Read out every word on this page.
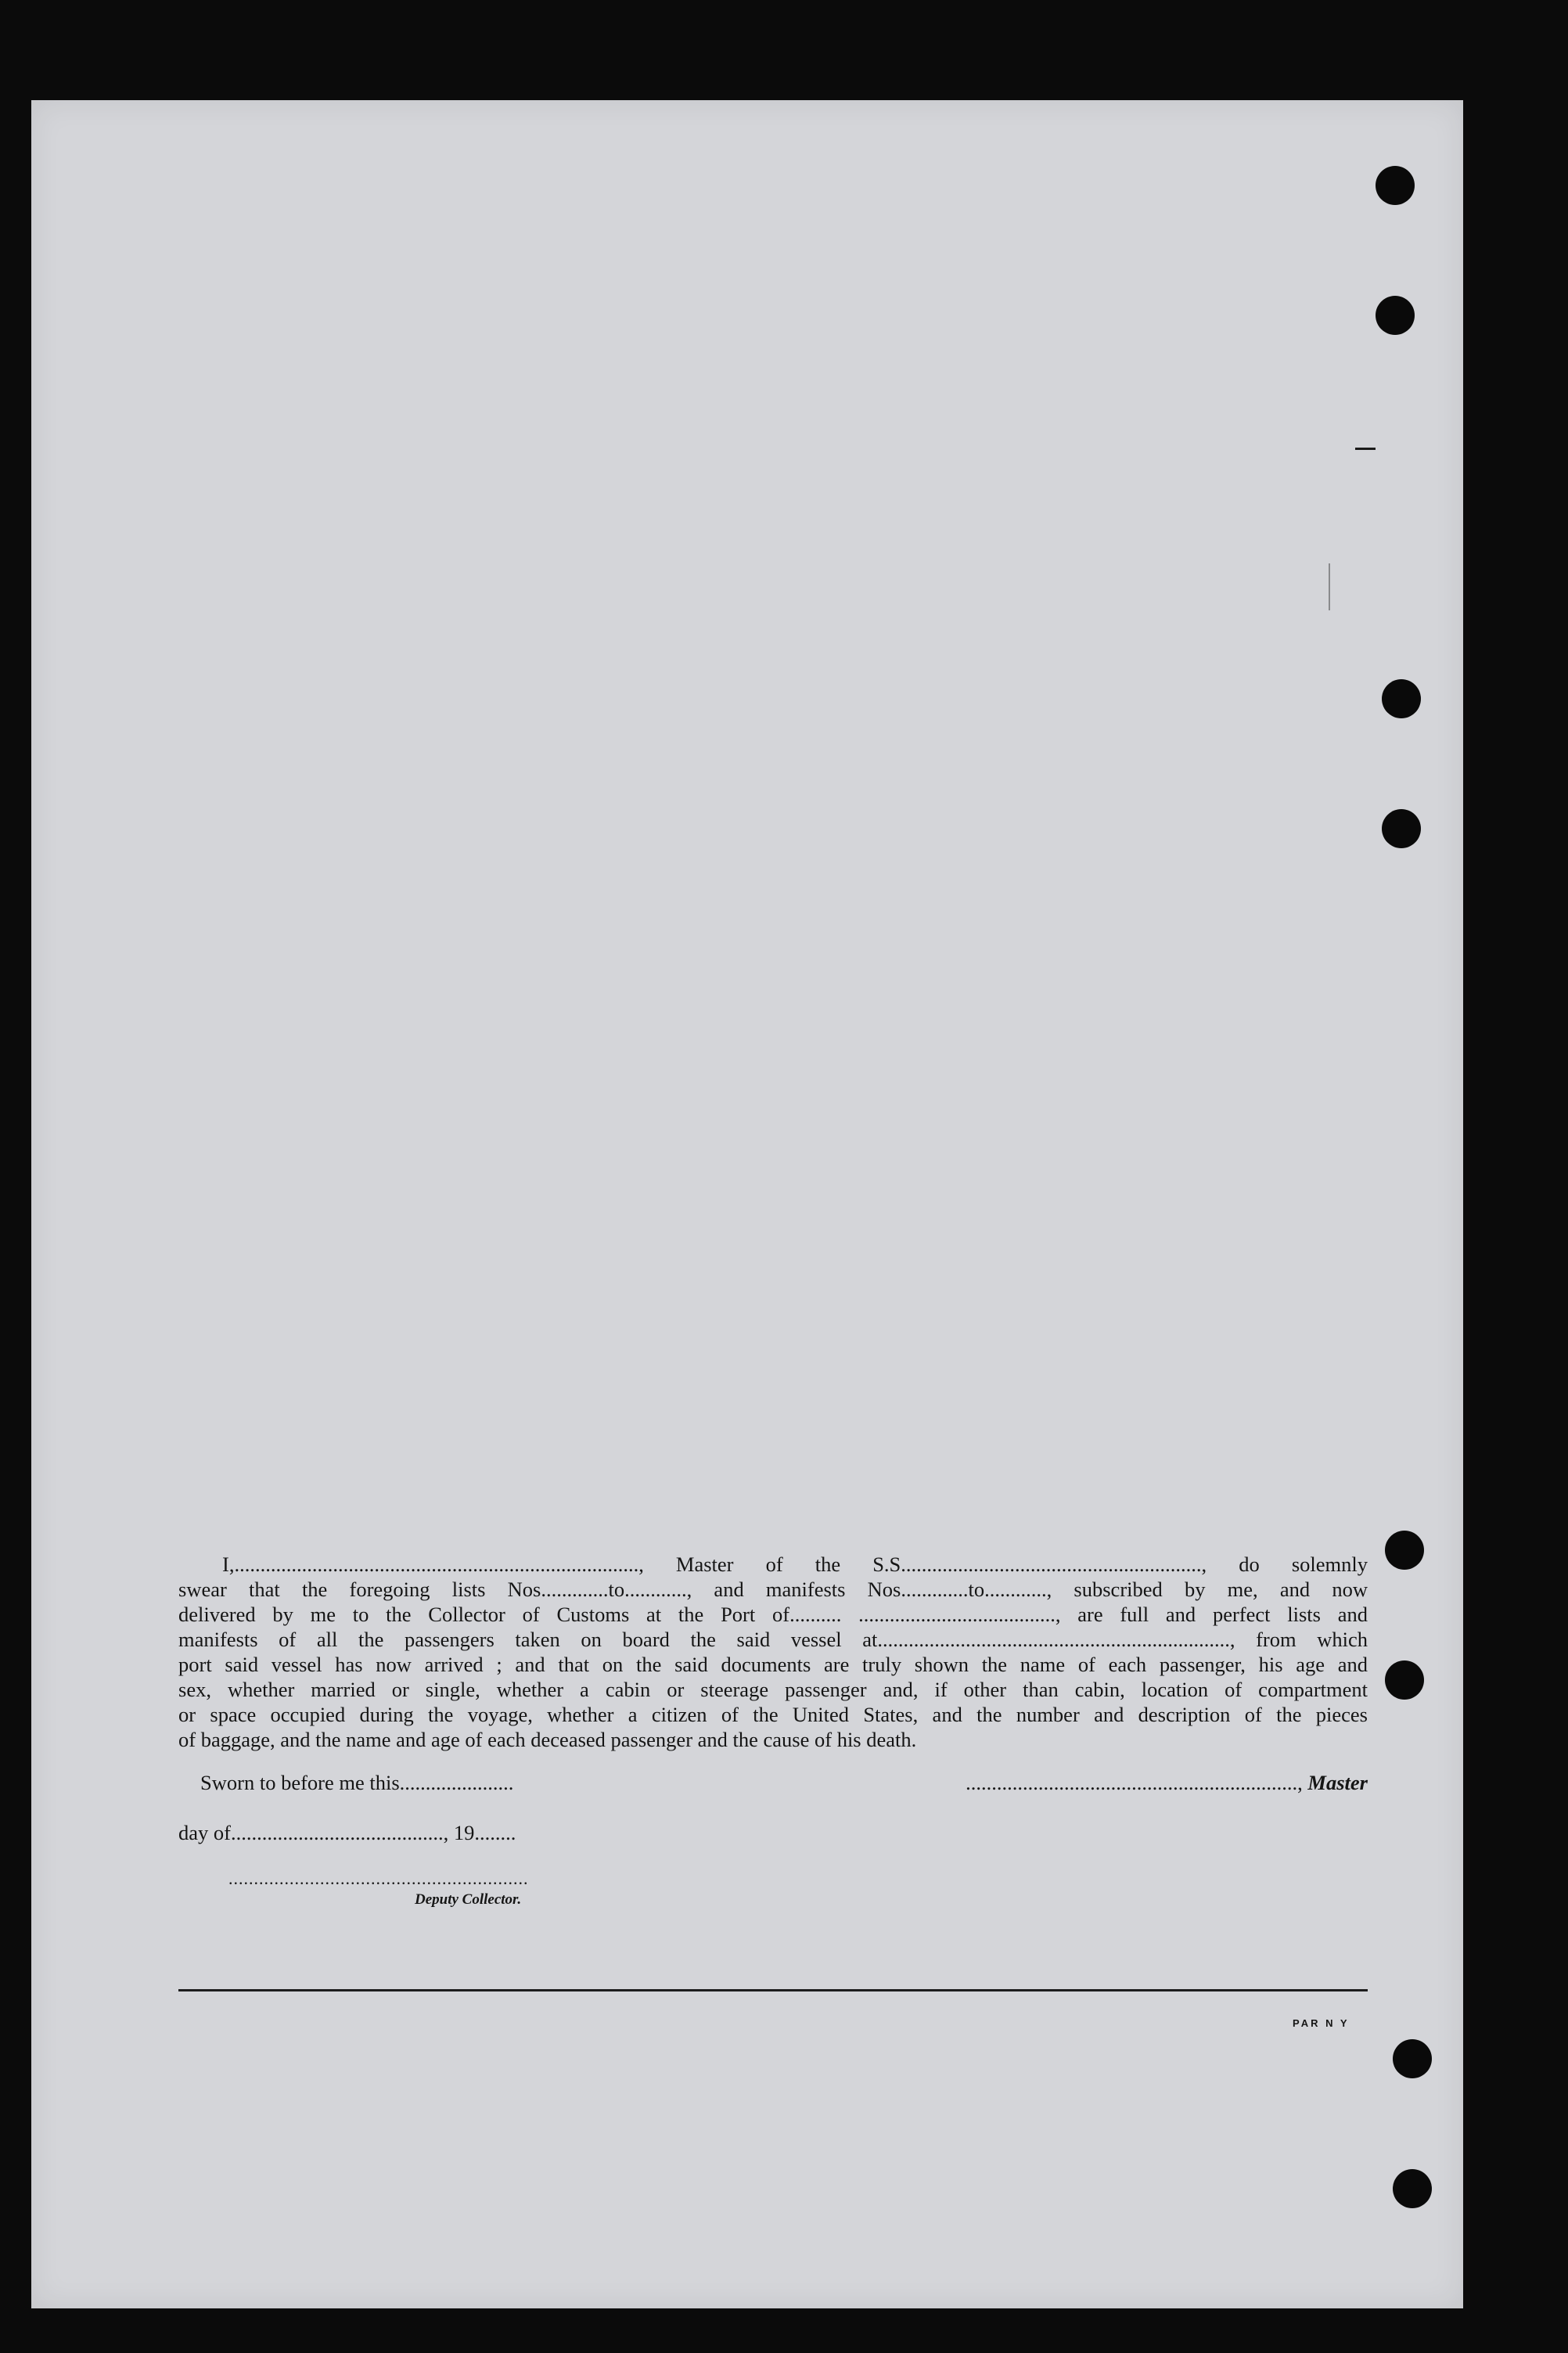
I,.............................................................................., Master of the S.S.........................................................., do solemnly

swear that the foregoing lists Nos.............to............, and manifests Nos.............to............, subscribed by me, and now

delivered by me to the Collector of Customs at the Port of.......... ......................................, are full and perfect lists and

manifests of all the passengers taken on board the said vessel at...................................................................., from which

port said vessel has now arrived ; and that on the said documents are truly shown the name of each passenger, his age and

sex, whether married or single, whether a cabin or steerage passenger and, if other than cabin, location of compartment

or space occupied during the voyage, whether a citizen of the United States, and the number and description of the pieces

of baggage, and the name and age of each deceased passenger and the cause of his death.

Sworn to before me this......................	................................................................, Master
day of........................................., 19........
...........................................................
Deputy Collector.
PAR N Y
